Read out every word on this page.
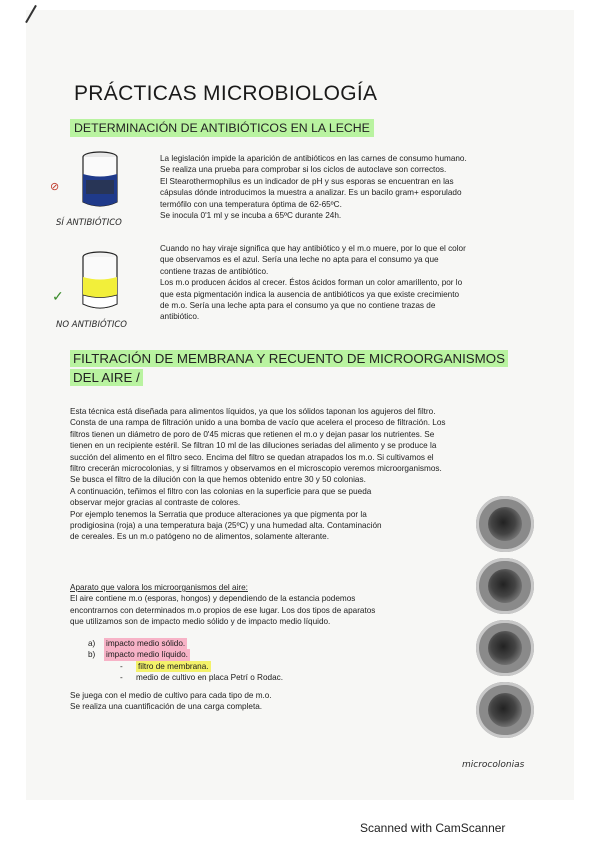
PRÁCTICAS MICROBIOLOGÍA
DETERMINACIÓN DE ANTIBIÓTICOS EN LA LECHE
⊘
SÍ ANTIBIÓTICO

La legislación impide la aparición de antibióticos en las carnes de consumo humano.

Se realiza una prueba para comprobar si los ciclos de autoclave son correctos.

El Stearothermophilus es un indicador de pH y sus esporas se encuentran en las

cápsulas dónde introducimos la muestra a analizar. Es un bacilo gram+ esporulado

termófilo con una temperatura óptima de 62-65ºC.

Se inocula 0'1 ml y se incuba a 65ºC durante 24h.

✓
NO ANTIBIÓTICO

Cuando no hay viraje significa que hay antibiótico y el m.o muere, por lo que el color

que observamos es el azul. Sería una leche no apta para el consumo ya que

contiene trazas de antibiótico.

Los m.o producen ácidos al crecer. Éstos ácidos forman un color amarillento, por lo

que esta pigmentación indica la ausencia de antibióticos ya que existe crecimiento

de m.o. Sería una leche apta para el consumo ya que no contiene trazas de

antibiótico.

FILTRACIÓN DE MEMBRANA Y RECUENTO DE MICROORGANISMOS
DEL AIRE /

Esta técnica está diseñada para alimentos líquidos, ya que los sólidos taponan los agujeros del filtro.

Consta de una rampa de filtración unido a una bomba de vacío que acelera el proceso de filtración. Los

filtros tienen un diámetro de poro de 0'45 micras que retienen el m.o y dejan pasar los nutrientes. Se

tienen en un recipiente estéril. Se filtran 10 ml de las diluciones seriadas del alimento y se produce la

succión del alimento en el filtro seco. Encima del filtro se quedan atrapados los m.o. Si cultivamos el

filtro crecerán microcolonias, y si filtramos y observamos en el microscopio veremos microorganismos.

Se busca el filtro de la dilución con la que hemos obtenido entre 30 y 50 colonias.

A continuación, teñimos el filtro con las colonias en la superficie para que se pueda

observar mejor gracias al contraste de colores.

Por ejemplo tenemos la Serratia que produce alteraciones ya que pigmenta por la

prodigiosina (roja) a una temperatura baja (25ºC) y una humedad alta. Contaminación

de cereales. Es un m.o patógeno no de alimentos, solamente alterante.

Aparato que valora los microorganismos del aire:

El aire contiene m.o (esporas, hongos) y dependiendo de la estancia podemos

encontrarnos con determinados m.o propios de ese lugar. Los dos tipos de aparatos

que utilizamos son de impacto medio sólido y de impacto medio líquido.

a) impacto medio sólido.
b) impacto medio líquido.
- filtro de membrana.
- medio de cultivo en placa Petrí o Rodac.

Se juega con el medio de cultivo para cada tipo de m.o.

Se realiza una cuantificación de una carga completa.

microcolonias
Scanned with CamScanner
